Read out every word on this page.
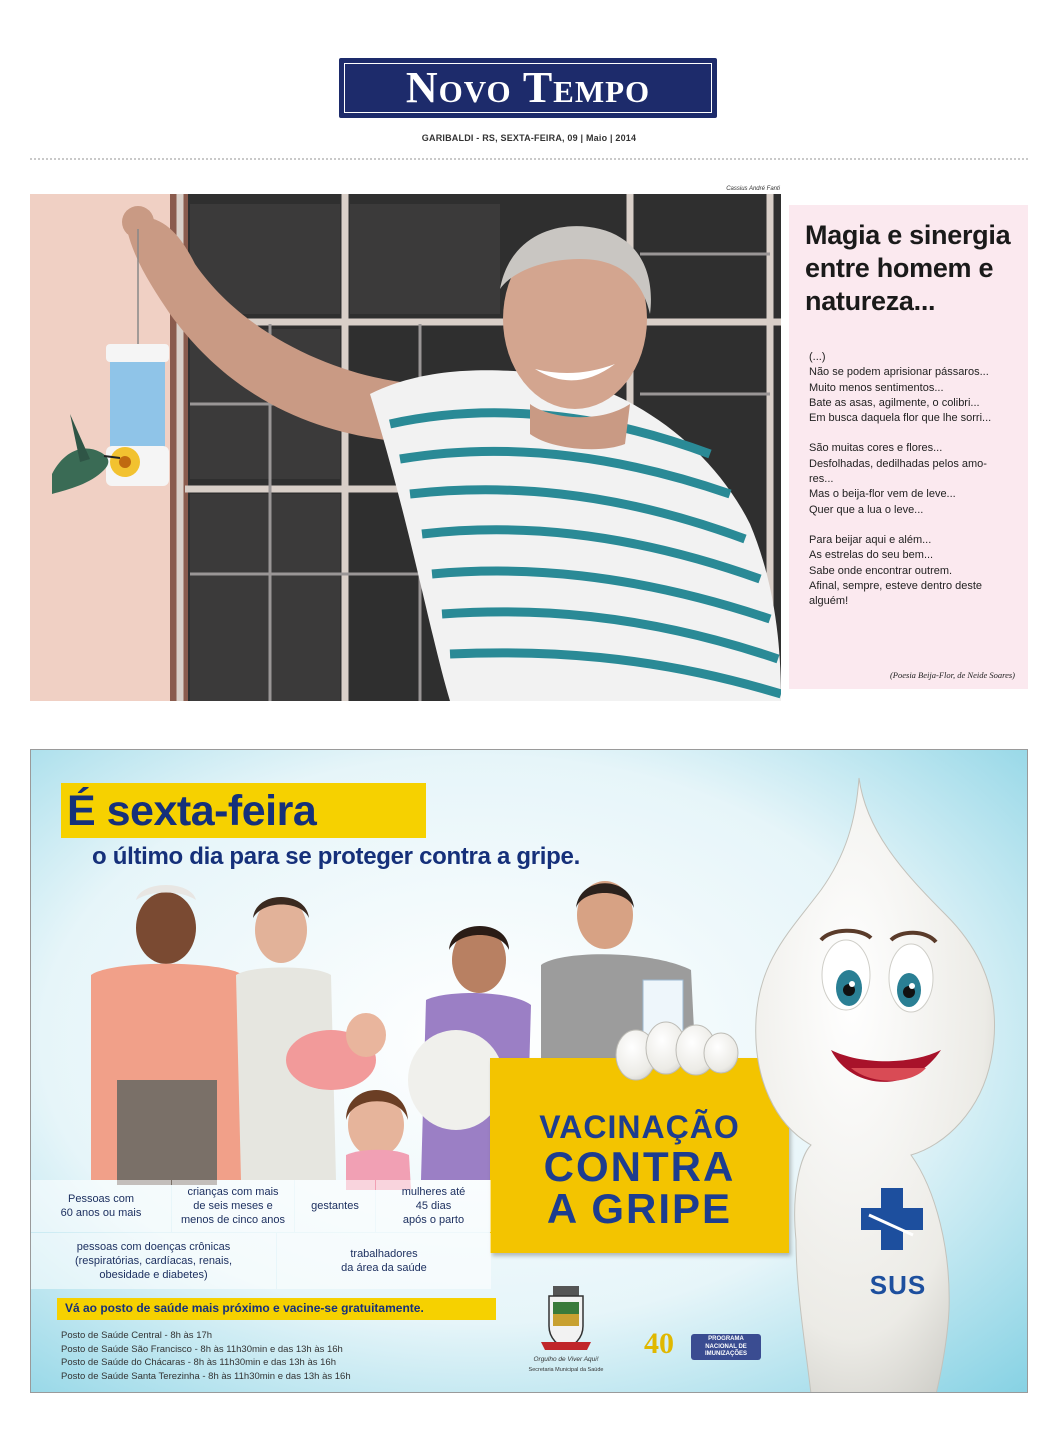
Novo Tempo
GARIBALDI - RS, SEXTA-FEIRA, 09 | Maio | 2014
Cassius André Fanti
Magia e sinergia entre homem e natureza...
(...)
Não se podem aprisionar pássaros...
Muito menos sentimentos...
Bate as asas, agilmente, o colibri...
Em busca daquela flor que lhe sorri...
São muitas cores e flores...
Desfolhadas, dedilhadas pelos amo-
res...
Mas o beija-flor vem de leve...
Quer que a lua o leve...
Para beijar aqui e além...
As estrelas do seu bem...
Sabe onde encontrar outrem.
Afinal, sempre, esteve dentro deste
alguém!
(Poesia Beija-Flor, de Neide Soares)
É sexta-feira
o último dia para se proteger contra a gripe.
VACINAÇÃO
CONTRA
A GRIPE
SUS
Pessoas com
60 anos ou mais
crianças com mais
de seis meses e
menos de cinco anos
gestantes
mulheres até
45 dias
após o parto
pessoas com doenças crônicas
(respiratórias, cardíacas, renais,
obesidade e diabetes)
trabalhadores
da área da saúde
Vá ao posto de saúde mais próximo e vacine-se gratuitamente.
Posto de Saúde Central - 8h às 17h
Posto de Saúde São Francisco - 8h às 11h30min e das 13h às 16h
Posto de Saúde do Chácaras - 8h às 11h30min e das 13h às 16h
Posto de Saúde Santa Terezinha - 8h às 11h30min e das 13h às 16h
Orgulho de Viver Aqui!
Secretaria Municipal da Saúde
40	PROGRAMA
NACIONAL DE
IMUNIZAÇÕES
